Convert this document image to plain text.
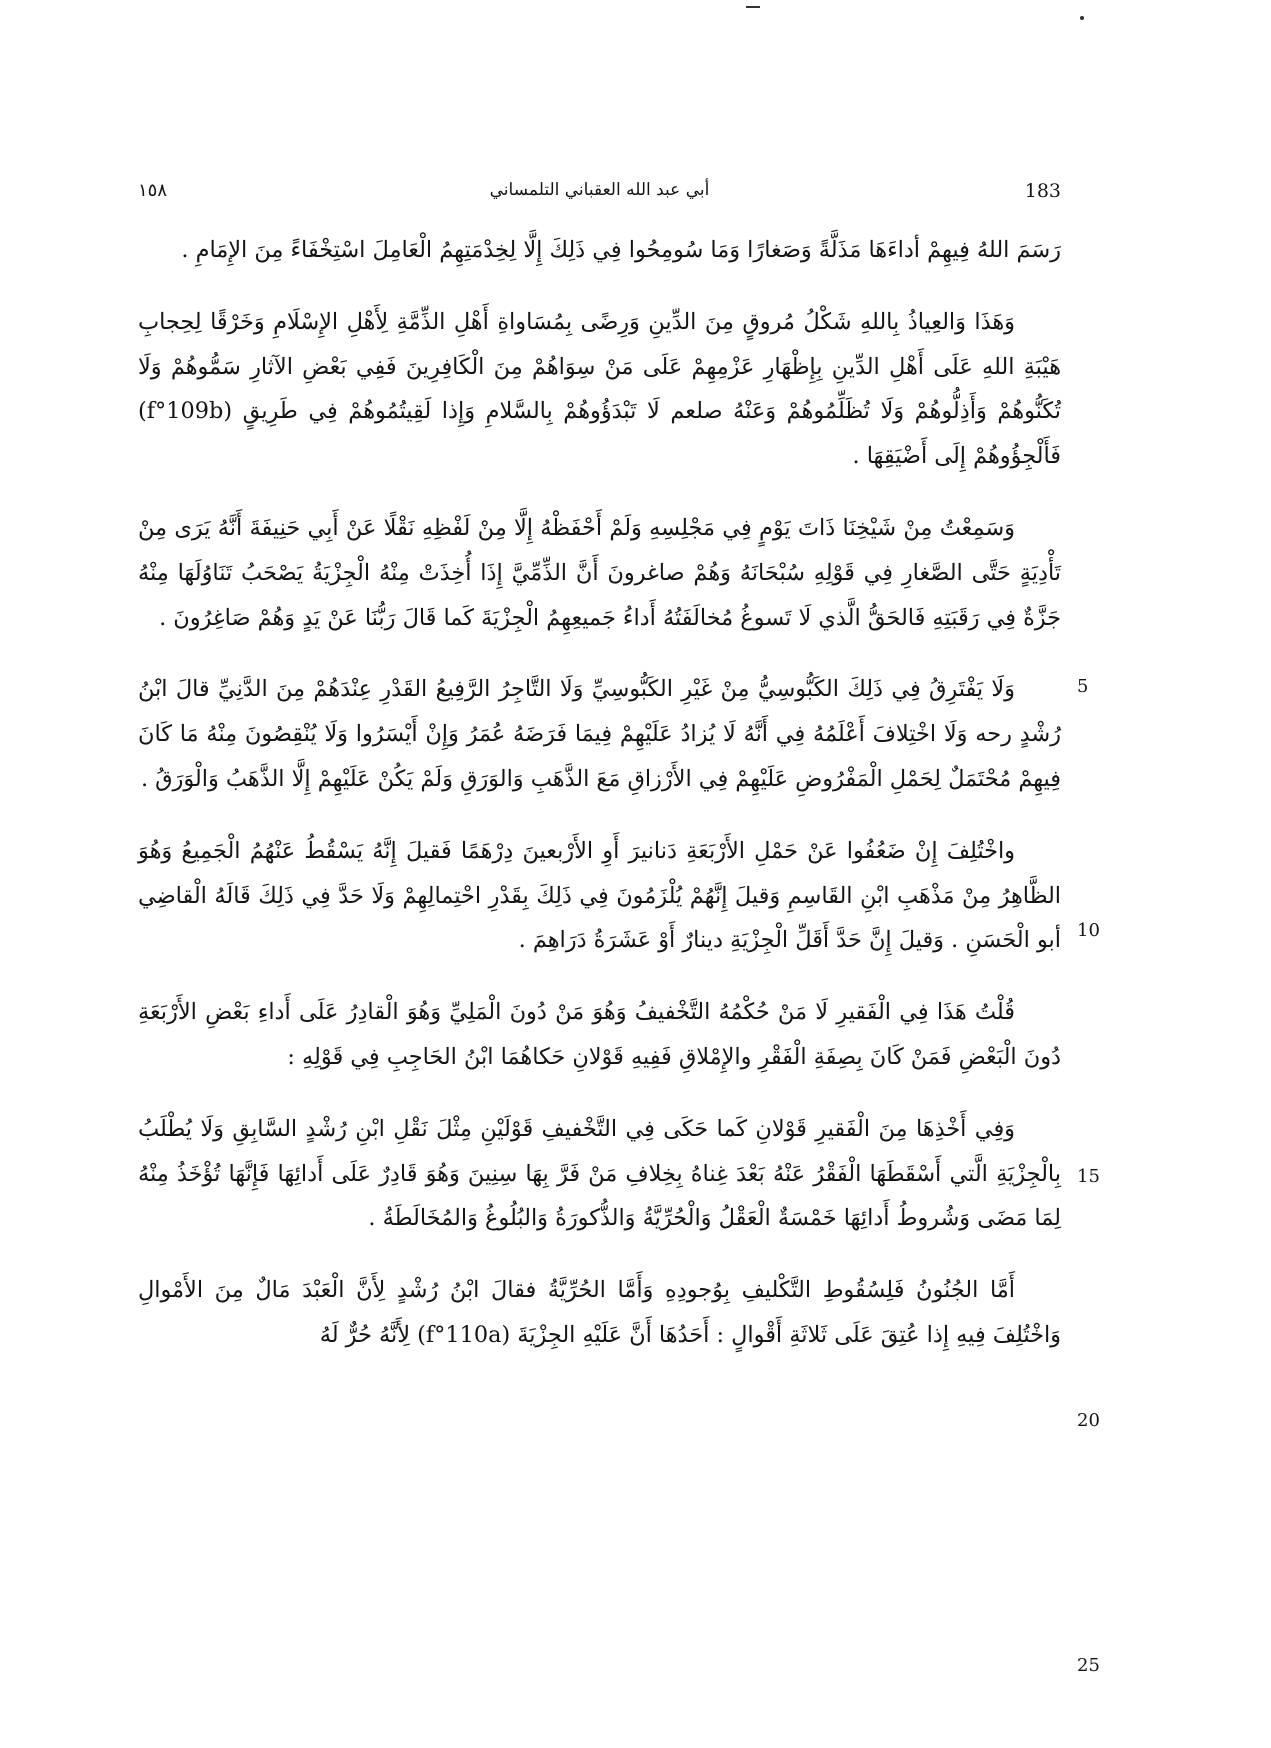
١٥٨	أبي عبد الله العقباني التلمساني	183

رَسَمَ اللهُ فِيهِمْ أداءَهَا مَذَلَّةً وَصَغارًا وَمَا سُومِحُوا فِي ذَلِكَ إِلَّا لِخِدْمَتِهِمُ الْعَامِلَ اسْتِخْفَاءً مِنَ الإِمَامِ .

وَهَذَا وَالعِياذُ بِاللهِ شَكْلُ مُروقٍ مِنَ الدِّينِ وَرِضًى بِمُسَاواةِ أَهْلِ الذِّمَّةِ لِأَهْلِ الإِسْلَامِ وَخَرْقًا لِحِجابِ هَيْبَةِ اللهِ عَلَى أَهْلِ الدِّينِ بِإِظْهَارِ عَزْمِهِمْ عَلَى مَنْ سِوَاهُمْ مِنَ الْكَافِرِينَ فَفِي بَعْضِ الآثارِ سَمُّوهُمْ وَلَا تُكَنُّوهُمْ وَأَذِلُّوهُمْ وَلَا تُظَلِّمُوهُمْ وَعَنْهُ صلعم لَا تَبْدَؤُوهُمْ بِالسَّلامِ وَإِذا لَقِيتُمُوهُمْ فِي طَرِيقٍ (f°109b) فَأَلْجِؤُوهُمْ إِلَى أَضْيَقِهَا .

وَسَمِعْتُ مِنْ شَيْخِنَا ذَاتَ يَوْمٍ فِي مَجْلِسِهِ وَلَمْ أَحْفَظْهُ إِلَّا مِنْ لَفْظِهِ نَقْلًا عَنْ أَبِي حَنِيفَةَ أَنَّهُ يَرَى مِنْ تَأْدِيَةٍ حَتَّى الصَّغارِ فِي قَوْلِهِ سُبْحَانَهُ وَهُمْ صاغرونَ أَنَّ الذِّمِّيَّ إِذَا أُخِذَتْ مِنْهُ الْجِزْيَةُ يَصْحَبُ تَنَاوُلَهَا مِنْهُ جَزَّةٌ فِي رَقَبَتِهِ فَالحَقُّ الَّذي لَا تَسوغُ مُخالَفَتُهُ أَداءُ جَميعِهِمُ الْجِزْيَةَ كَما قَالَ رَبُّنَا عَنْ يَدٍ وَهُمْ صَاغِرُونَ .

وَلَا يَفْتَرِقُ فِي ذَلِكَ الكَبُّوسِيُّ مِنْ غَيْرِ الكَبُّوسِيِّ وَلَا التَّاجِرُ الرَّفِيعُ القَدْرِ عِنْدَهُمْ مِنَ الدَّنِيِّ قالَ ابْنُ رُشْدٍ رحه وَلَا اخْتِلافَ أَعْلَمُهُ فِي أَنَّهُ لَا يُزادُ عَلَيْهِمْ فِيمَا فَرَضَهُ عُمَرُ وَإِنْ أَيْسَرُوا وَلَا يُنْقِصُونَ مِنْهُ مَا كَانَ فِيهِمْ مُحْتَمَلٌ لِحَمْلِ الْمَفْرُوضِ عَلَيْهِمْ فِي الأَرْزاقِ مَعَ الذَّهَبِ وَالوَرَقِ وَلَمْ يَكُنْ عَلَيْهِمْ إِلَّا الذَّهَبُ وَالْوَرَقُ .

واخْتُلِفَ إِنْ ضَعُفُوا عَنْ حَمْلِ الأَرْبَعَةِ دَنانيرَ أَوِ الأَرْبعينَ دِرْهَمًا فَقيلَ إِنَّهُ يَسْقُطُ عَنْهُمُ الْجَمِيعُ وَهُوَ الظَّاهِرُ مِنْ مَذْهَبِ ابْنِ القَاسِمِ وَقيلَ إِنَّهُمْ يُلْزَمُونَ فِي ذَلِكَ بِقَدْرِ احْتِمالِهِمْ وَلَا حَدَّ فِي ذَلِكَ قَالَهُ الْقاضِي أبو الْحَسَنِ . وَقيلَ إِنَّ حَدَّ أَقَلِّ الْجِزْيَةِ دينارٌ أَوْ عَشَرَةُ دَرَاهِمَ .

قُلْتُ هَذَا فِي الْفَقيرِ لَا مَنْ حُكْمُهُ التَّخْفيفُ وَهُوَ مَنْ دُونَ الْمَلِيِّ وَهُوَ الْقادِرُ عَلَى أَداءِ بَعْضِ الأَرْبَعَةِ دُونَ الْبَعْضِ فَمَنْ كَانَ بِصِفَةِ الْفَقْرِ والإِمْلاقِ فَفِيهِ قَوْلانِ حَكاهُمَا ابْنُ الحَاجِبِ فِي قَوْلِهِ :

وَفِي أَخْذِهَا مِنَ الْفَقيرِ قَوْلانِ كَما حَكَى فِي التَّخْفيفِ قَوْلَيْنِ مِثْلَ نَقْلِ ابْنِ رُشْدٍ السَّابِقِ وَلَا يُطْلَبُ بِالْجِزْيَةِ الَّتي أَسْقَطَهَا الْفَقْرُ عَنْهُ بَعْدَ غِناهُ بِخِلافِ مَنْ فَرَّ بِهَا سِنِينَ وَهُوَ قَادِرٌ عَلَى أَدائِهَا فَإِنَّهَا تُؤْخَذُ مِنْهُ لِمَا مَضَى وَشُروطُ أَدائِهَا خَمْسَةٌ الْعَقْلُ وَالْحُرِّيَّةُ وَالذُّكورَةُ وَالبُلُوغُ وَالمُخَالَطَةُ .

أَمَّا الجُنُونُ فَلِسُقُوطِ التَّكْليفِ بِوُجودِهِ وَأَمَّا الحُرِّيَّةُ فقالَ ابْنُ رُشْدٍ لِأَنَّ الْعَبْدَ مَالٌ مِنَ الأَمْوالِ وَاخْتُلِفَ فِيهِ إِذا عُتِقَ عَلَى ثَلاثَةِ أَقْوالٍ : أَحَدُهَا أَنَّ عَلَيْهِ الجِزْيَةَ (f°110a) لِأَنَّهُ حُرٌّ لَهُ

5
10
15
20
25
